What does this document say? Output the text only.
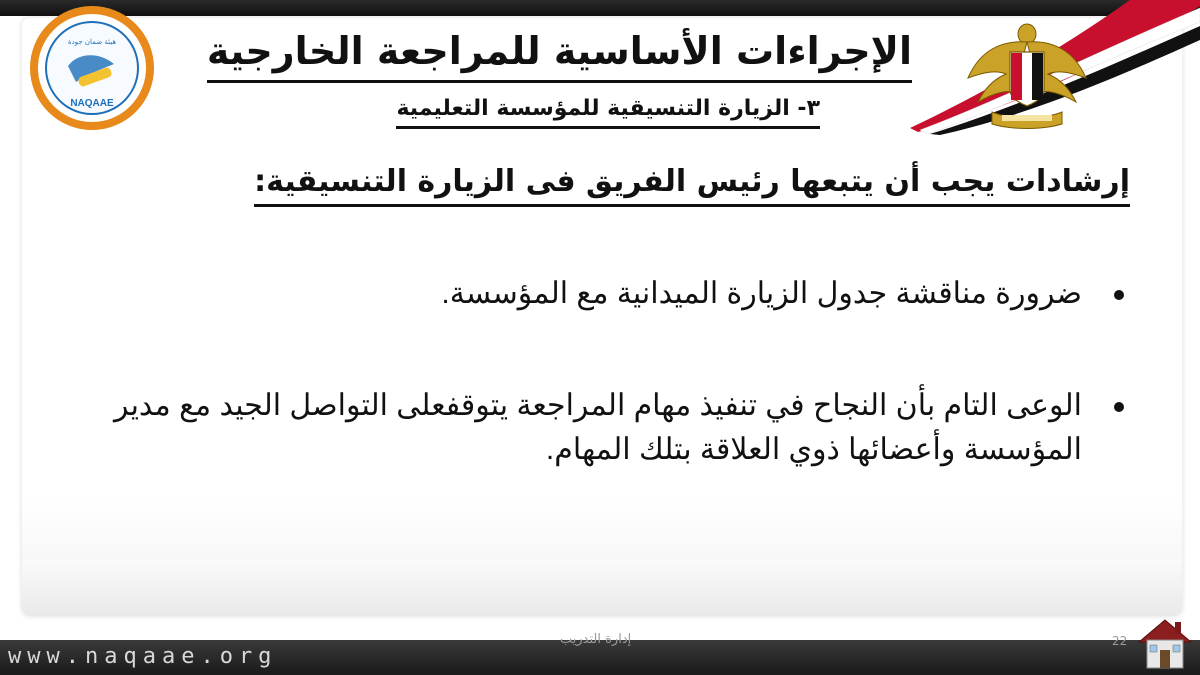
NAQAAE
هيئة ضمان جودة الإجراءات الأساسية للمراجعة الخارجية
٣- الزيارة التنسيقية للمؤسسة التعليمية
إرشادات يجب أن يتبعها رئيس الفريق فى الزيارة التنسيقية:
ضرورة مناقشة جدول الزيارة الميدانية مع المؤسسة.
الوعى التام بأن النجاح في تنفيذ مهام المراجعة يتوقفعلى التواصل الجيد مع مدير المؤسسة وأعضائها ذوي العلاقة بتلك المهام.
www.naqaae.org
إدارة التدريب	22
